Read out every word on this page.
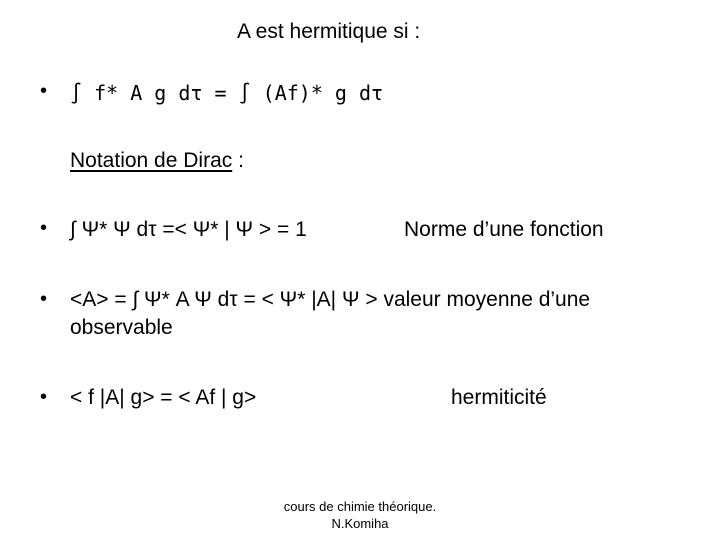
A est hermitique si :
• ∫ f* A g dτ = ∫ (Af)* g dτ
Notation de Dirac :
• ∫ Ψ* Ψ dτ =< Ψ* | Ψ > = 1	Norme d’une fonction
• <A> = ∫ Ψ* A Ψ dτ = < Ψ* |A| Ψ > valeur moyenne d’une
observable
• < f |A| g> = < Af | g>	hermiticité
cours de chimie théorique.
N.Komiha
